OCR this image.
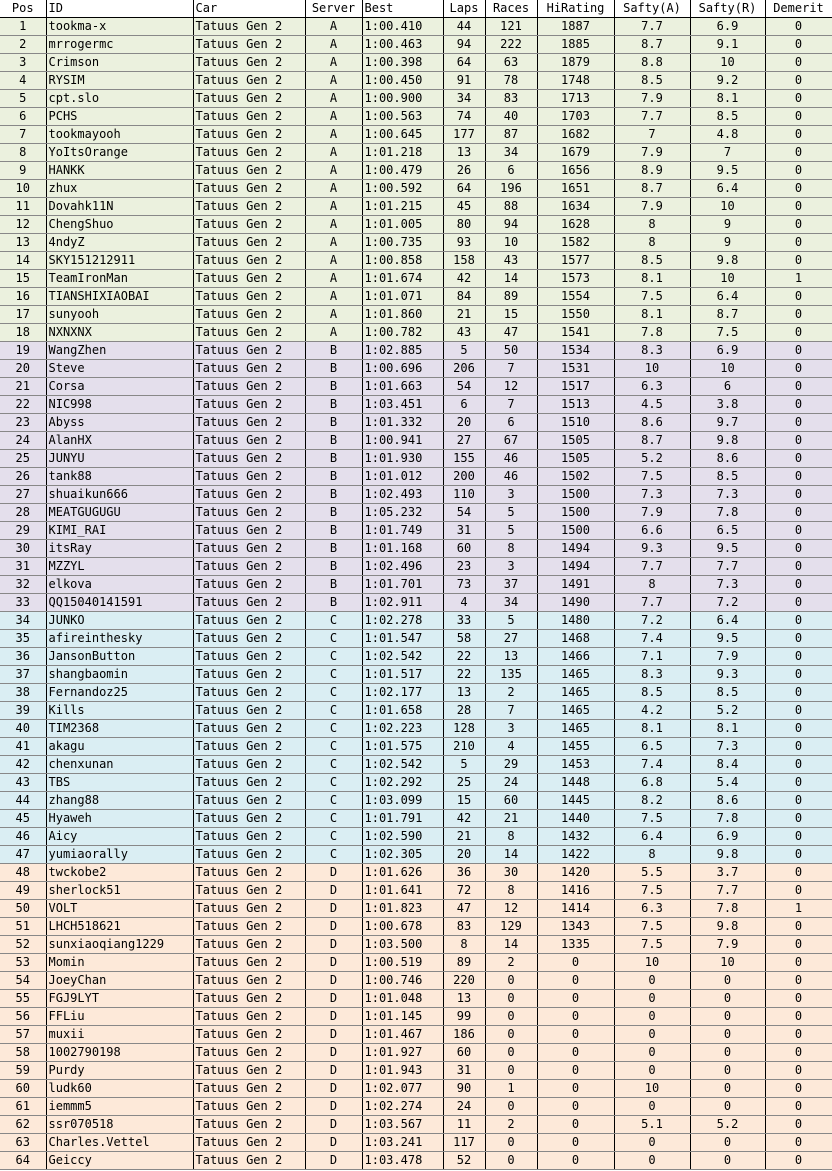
Pos	ID	Car	Server	Best	Laps	Races	HiRating	Safty(A)	Safty(R)	Demerit
1	tookma-x	Tatuus Gen 2	A	1:00.410	44	121	1887	7.7	6.9	0
2	mrrogermc	Tatuus Gen 2	A	1:00.463	94	222	1885	8.7	9.1	0
3	Crimson	Tatuus Gen 2	A	1:00.398	64	63	1879	8.8	10	0
4	RYSIM	Tatuus Gen 2	A	1:00.450	91	78	1748	8.5	9.2	0
5	cpt.slo	Tatuus Gen 2	A	1:00.900	34	83	1713	7.9	8.1	0
6	PCHS	Tatuus Gen 2	A	1:00.563	74	40	1703	7.7	8.5	0
7	tookmayooh	Tatuus Gen 2	A	1:00.645	177	87	1682	7	4.8	0
8	YoItsOrange	Tatuus Gen 2	A	1:01.218	13	34	1679	7.9	7	0
9	HANKK	Tatuus Gen 2	A	1:00.479	26	6	1656	8.9	9.5	0
10	zhux	Tatuus Gen 2	A	1:00.592	64	196	1651	8.7	6.4	0
11	Dovahk11N	Tatuus Gen 2	A	1:01.215	45	88	1634	7.9	10	0
12	ChengShuo	Tatuus Gen 2	A	1:01.005	80	94	1628	8	9	0
13	4ndyZ	Tatuus Gen 2	A	1:00.735	93	10	1582	8	9	0
14	SKY151212911	Tatuus Gen 2	A	1:00.858	158	43	1577	8.5	9.8	0
15	TeamIronMan	Tatuus Gen 2	A	1:01.674	42	14	1573	8.1	10	1
16	TIANSHIXIAOBAI	Tatuus Gen 2	A	1:01.071	84	89	1554	7.5	6.4	0
17	sunyooh	Tatuus Gen 2	A	1:01.860	21	15	1550	8.1	8.7	0
18	NXNXNX	Tatuus Gen 2	A	1:00.782	43	47	1541	7.8	7.5	0
19	WangZhen	Tatuus Gen 2	B	1:02.885	5	50	1534	8.3	6.9	0
20	Steve	Tatuus Gen 2	B	1:00.696	206	7	1531	10	10	0
21	Corsa	Tatuus Gen 2	B	1:01.663	54	12	1517	6.3	6	0
22	NIC998	Tatuus Gen 2	B	1:03.451	6	7	1513	4.5	3.8	0
23	Abyss	Tatuus Gen 2	B	1:01.332	20	6	1510	8.6	9.7	0
24	AlanHX	Tatuus Gen 2	B	1:00.941	27	67	1505	8.7	9.8	0
25	JUNYU	Tatuus Gen 2	B	1:01.930	155	46	1505	5.2	8.6	0
26	tank88	Tatuus Gen 2	B	1:01.012	200	46	1502	7.5	8.5	0
27	shuaikun666	Tatuus Gen 2	B	1:02.493	110	3	1500	7.3	7.3	0
28	MEATGUGUGU	Tatuus Gen 2	B	1:05.232	54	5	1500	7.9	7.8	0
29	KIMI_RAI	Tatuus Gen 2	B	1:01.749	31	5	1500	6.6	6.5	0
30	itsRay	Tatuus Gen 2	B	1:01.168	60	8	1494	9.3	9.5	0
31	MZZYL	Tatuus Gen 2	B	1:02.496	23	3	1494	7.7	7.7	0
32	elkova	Tatuus Gen 2	B	1:01.701	73	37	1491	8	7.3	0
33	QQ15040141591	Tatuus Gen 2	B	1:02.911	4	34	1490	7.7	7.2	0
34	JUNKO	Tatuus Gen 2	C	1:02.278	33	5	1480	7.2	6.4	0
35	afireinthesky	Tatuus Gen 2	C	1:01.547	58	27	1468	7.4	9.5	0
36	JansonButton	Tatuus Gen 2	C	1:02.542	22	13	1466	7.1	7.9	0
37	shangbaomin	Tatuus Gen 2	C	1:01.517	22	135	1465	8.3	9.3	0
38	Fernandoz25	Tatuus Gen 2	C	1:02.177	13	2	1465	8.5	8.5	0
39	Kills	Tatuus Gen 2	C	1:01.658	28	7	1465	4.2	5.2	0
40	TIM2368	Tatuus Gen 2	C	1:02.223	128	3	1465	8.1	8.1	0
41	akagu	Tatuus Gen 2	C	1:01.575	210	4	1455	6.5	7.3	0
42	chenxunan	Tatuus Gen 2	C	1:02.542	5	29	1453	7.4	8.4	0
43	TBS	Tatuus Gen 2	C	1:02.292	25	24	1448	6.8	5.4	0
44	zhang88	Tatuus Gen 2	C	1:03.099	15	60	1445	8.2	8.6	0
45	Hyaweh	Tatuus Gen 2	C	1:01.791	42	21	1440	7.5	7.8	0
46	Aicy	Tatuus Gen 2	C	1:02.590	21	8	1432	6.4	6.9	0
47	yumiaorally	Tatuus Gen 2	C	1:02.305	20	14	1422	8	9.8	0
48	twckobe2	Tatuus Gen 2	D	1:01.626	36	30	1420	5.5	3.7	0
49	sherlock51	Tatuus Gen 2	D	1:01.641	72	8	1416	7.5	7.7	0
50	VOLT	Tatuus Gen 2	D	1:01.823	47	12	1414	6.3	7.8	1
51	LHCH518621	Tatuus Gen 2	D	1:00.678	83	129	1343	7.5	9.8	0
52	sunxiaoqiang1229	Tatuus Gen 2	D	1:03.500	8	14	1335	7.5	7.9	0
53	Momin	Tatuus Gen 2	D	1:00.519	89	2	0	10	10	0
54	JoeyChan	Tatuus Gen 2	D	1:00.746	220	0	0	0	0	0
55	FGJ9LYT	Tatuus Gen 2	D	1:01.048	13	0	0	0	0	0
56	FFLiu	Tatuus Gen 2	D	1:01.145	99	0	0	0	0	0
57	muxii	Tatuus Gen 2	D	1:01.467	186	0	0	0	0	0
58	1002790198	Tatuus Gen 2	D	1:01.927	60	0	0	0	0	0
59	Purdy	Tatuus Gen 2	D	1:01.943	31	0	0	0	0	0
60	ludk60	Tatuus Gen 2	D	1:02.077	90	1	0	10	0	0
61	iemmm5	Tatuus Gen 2	D	1:02.274	24	0	0	0	0	0
62	ssr070518	Tatuus Gen 2	D	1:03.567	11	2	0	5.1	5.2	0
63	Charles.Vettel	Tatuus Gen 2	D	1:03.241	117	0	0	0	0	0
64	Geiccy	Tatuus Gen 2	D	1:03.478	52	0	0	0	0	0
